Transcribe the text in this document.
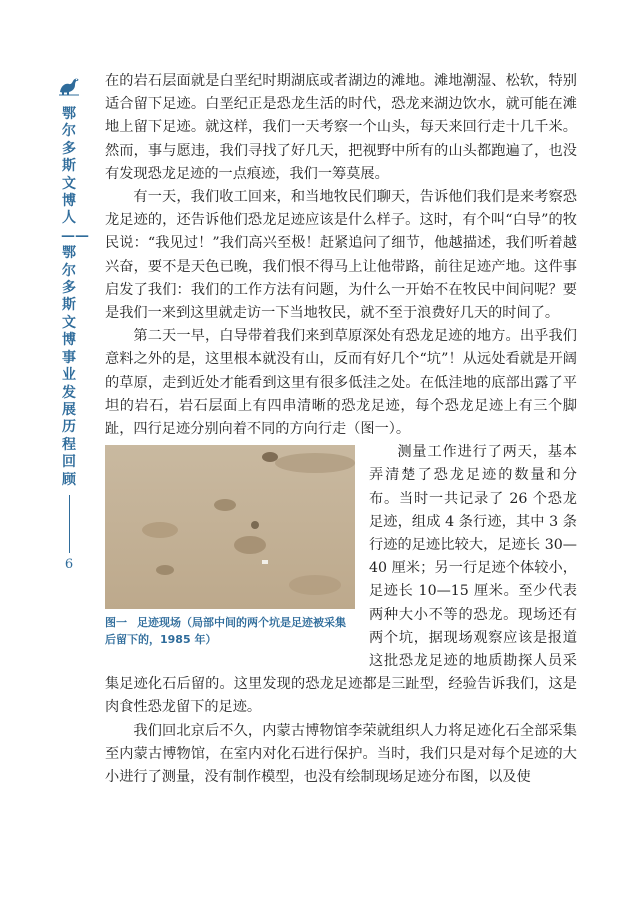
鄂尔多斯文博人——鄂尔多斯文博事业发展历程回顾
6

在的岩石层面就是白垩纪时期湖底或者湖边的滩地。滩地潮湿、松软，特别适合留下足迹。白垩纪正是恐龙生活的时代，恐龙来湖边饮水，就可能在滩地上留下足迹。就这样，我们一天考察一个山头，每天来回行走十几千米。然而，事与愿违，我们寻找了好几天，把视野中所有的山头都跑遍了，也没有发现恐龙足迹的一点痕迹，我们一筹莫展。

有一天，我们收工回来，和当地牧民们聊天，告诉他们我们是来考察恐龙足迹的，还告诉他们恐龙足迹应该是什么样子。这时，有个叫“白导”的牧民说：“我见过！”我们高兴至极！赶紧追问了细节，他越描述，我们听着越兴奋，要不是天色已晚，我们恨不得马上让他带路，前往足迹产地。这件事启发了我们：我们的工作方法有问题，为什么一开始不在牧民中间问呢？要是我们一来到这里就走访一下当地牧民，就不至于浪费好几天的时间了。

第二天一早，白导带着我们来到草原深处有恐龙足迹的地方。出乎我们意料之外的是，这里根本就没有山，反而有好几个“坑”！从远处看就是开阔的草原，走到近处才能看到这里有很多低洼之处。在低洼地的底部出露了平坦的岩石，岩石层面上有四串清晰的恐龙足迹，每个恐龙足迹上有三个脚趾，四行足迹分别向着不同的方向行走（图一）。

图一 足迹现场（局部中间的两个坑是足迹被采集后留下的，1985 年）

测量工作进行了两天，基本弄清楚了恐龙足迹的数量和分布。当时一共记录了 26 个恐龙足迹，组成 4 条行迹，其中 3 条行迹的足迹比较大，足迹长 30—40 厘米；另一行足迹个体较小，足迹长 10—15 厘米。至少代表两种大小不等的恐龙。现场还有两个坑，据现场观察应该是报道这批恐龙足迹的地质勘探人员采集足迹化石后留的。这里发现的恐龙足迹都是三趾型，经验告诉我们，这是肉食性恐龙留下的足迹。

我们回北京后不久，内蒙古博物馆李荣就组织人力将足迹化石全部采集至内蒙古博物馆，在室内对化石进行保护。当时，我们只是对每个足迹的大小进行了测量，没有制作模型，也没有绘制现场足迹分布图，以及使
